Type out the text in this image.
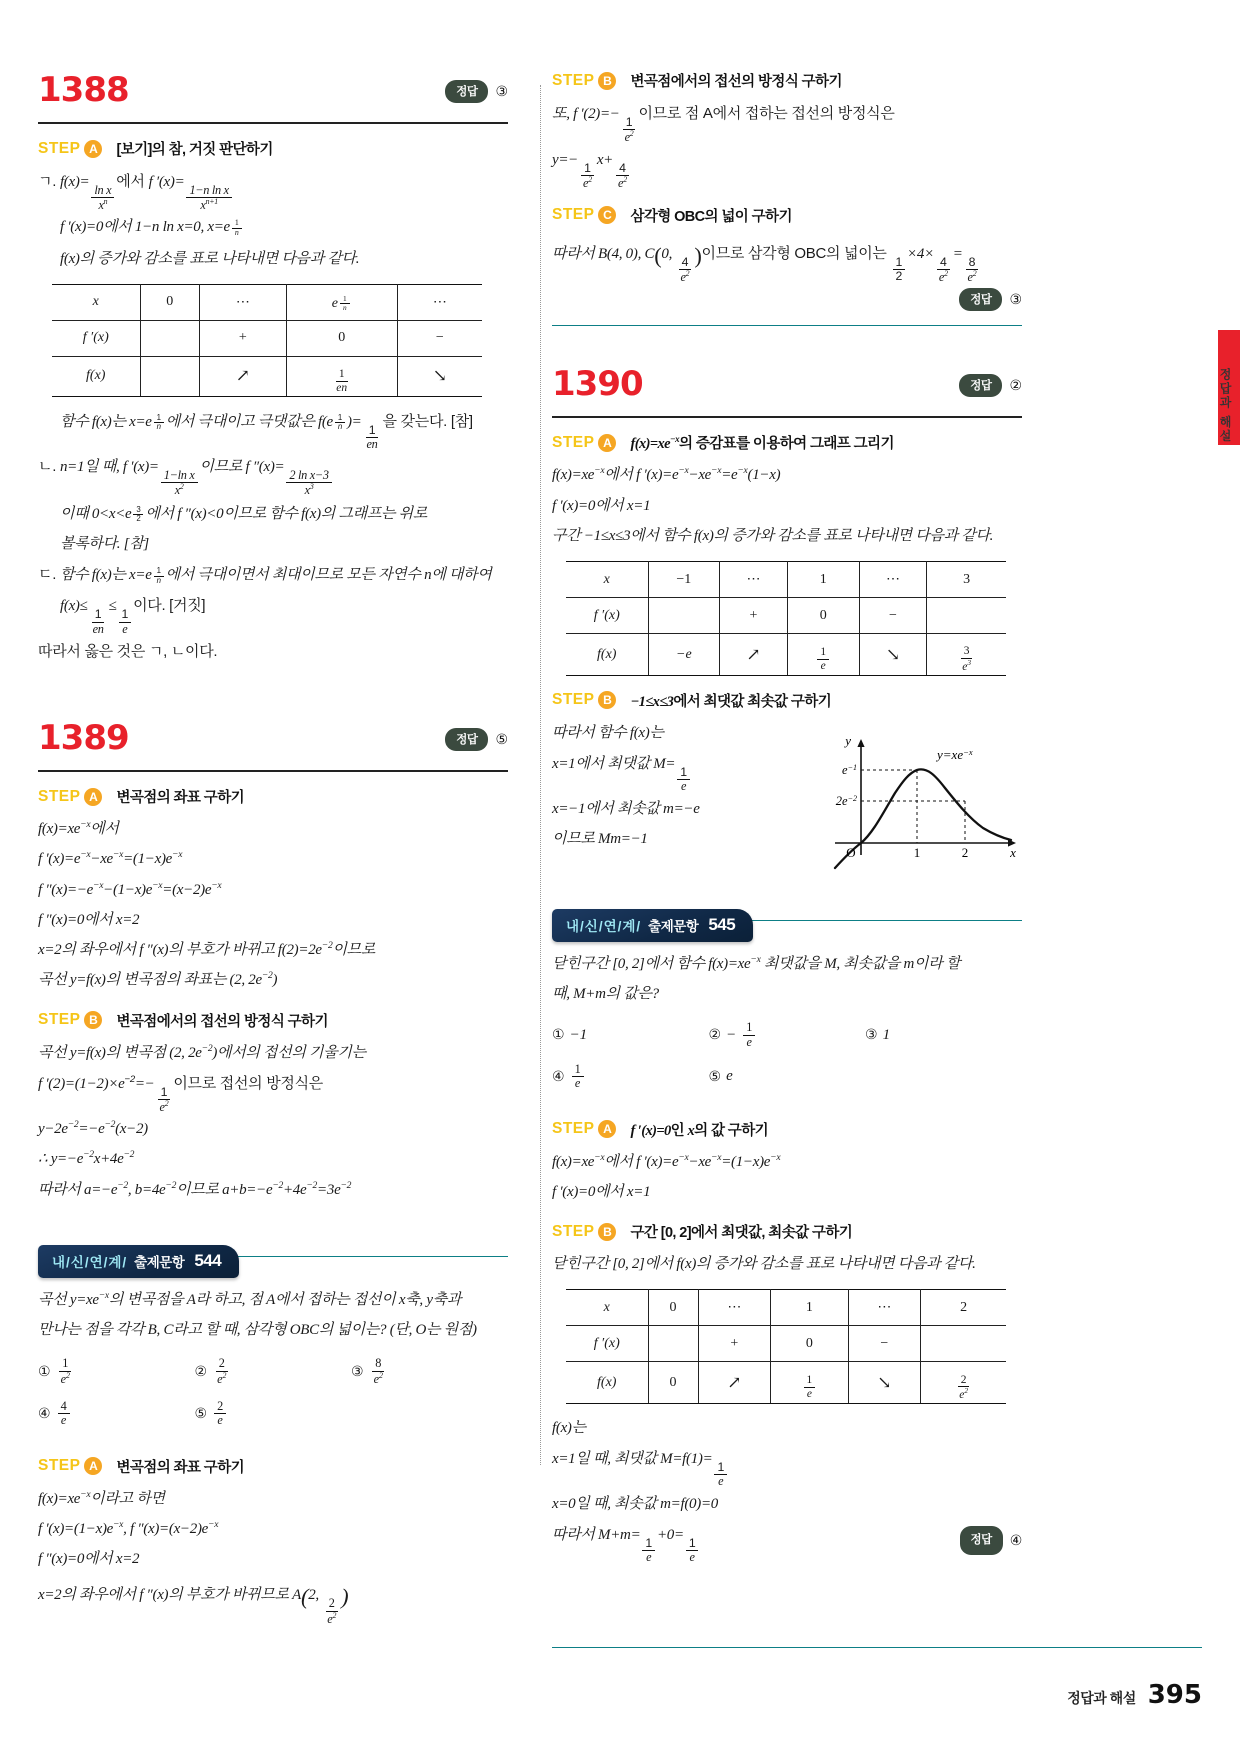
1388	정답	③
STEP A	[보기]의 참, 거짓 판단하기
ㄱ. f(x)=
$\frac{\text{ln x}}{x^n}$
에서 f ′(x)=
$\frac{\text{1−n ln x}}{x^{n+1}}$
f ′(x)=0에서 1−n ln x=0, x=e $^{\frac{1}{n}}$
f(x)의 증가와 감소를 표로 나타내면 다음과 같다.
x	0	⋯	e $^{\frac{1}{n}}$	⋯
f ′(x)		+	0	−
f(x)		↗	$\frac{1}{en}$	↘
함수 f(x)는 x=e $^{\frac{1}{n}}$ 에서 극대이고 극댓값은 f(e $^{\frac{1}{n}}$ )=
$\frac{1}{en}$
을 갖는다. [참]
ㄴ. n=1일 때, f ′(x)=
$\frac{\text{1−ln x}}{x^2}$
이므로 f ″(x)=
$\frac{\text{2 ln x−3}}{x^3}$
이때 0<x<e $^{\frac{3}{2}}$ 에서 f ″(x)<0이므로 함수 f(x)의 그래프는 위로
볼록하다. [참]
ㄷ. 함수 f(x)는 x=e $^{\frac{1}{n}}$ 에서 극대이면서 최대이므로 모든 자연수 n에 대하여
f(x)≤
$\frac{1}{en}$
≤
$\frac{1}{e}$
이다. [거짓]
따라서 옳은 것은 ㄱ, ㄴ이다.
1389	정답	⑤
STEP A	변곡점의 좌표 구하기
$f(x)=xe^{-x}$에서
f $'(x)=e^{-x}-xe^{-x}=(1-x)e^{-x}$
f $''(x)=-e^{-x}-(1-x)e^{-x}=(x-2)e^{-x}$
f ″(x)=0에서 x=2
x=2의 좌우에서 f ″(x)의 부호가 바뀌고 $f(2)=2e^{-2}$이므로
곡선 y=f(x)의 변곡점의 좌표는 (2, $2e^{-2}$)
STEP B	변곡점에서의 접선의 방정식 구하기
곡선 y=f(x)의 변곡점 (2, $2e^{-2}$)에서의 접선의 기울기는
f $'(2)=(1-2)\times e^{-2}=-$
$\frac{1}{e^2}$
이므로 접선의 방정식은
$y-2e^{-2}=-e^{-2}(x-2)$
∴ $y=-e^{-2}x+4e^{-2}$
따라서 $a=-e^{-2}$, $b=4e^{-2}$이므로 $a+b=-e^{-2}+4e^{-2}=3e^{-2}$
내/신/연/계/ 출제문항 544
곡선 $y=xe^{-x}$의 변곡점을 A라 하고, 점 A에서 접하는 접선이 x축, y축과
만나는 점을 각각 B, C라고 할 때, 삼각형 OBC의 넓이는? (단, O는 원점)
① $\frac{1}{e^2}$	② $\frac{2}{e^2}$	③ $\frac{8}{e^2}$
④ $\frac{4}{e}$	⑤ $\frac{2}{e}$
STEP A	변곡점의 좌표 구하기
$f(x)=xe^{-x}$이라고 하면
f $'(x)=(1-x)e^{-x}$, f $''(x)=(x-2)e^{-x}$
f ″(x)=0에서 x=2
x=2의 좌우에서 f ″(x)의 부호가 바뀌므로 A(2,
$\frac{2}{e^2}$
)
STEP B	변곡점에서의 접선의 방정식 구하기
또, f ′(2)=−
$\frac{1}{e^2}$
이므로 점 A에서 접하는 접선의 방정식은
y=−
$\frac{1}{e^2}$
x+
$\frac{4}{e^2}$
STEP C	삼각형 OBC의 넓이 구하기
따라서 B(4, 0), C(0,
$\frac{4}{e^2}$
)이므로 삼각형 OBC의 넓이는
$\frac{1}{2}$
×4×
$\frac{4}{e^2}$
=
$\frac{8}{e^2}$
정답	③
1390	정답	②
STEP A	$f(x)=xe^{-x}$의 증감표를 이용하여 그래프 그리기
$f(x)=xe^{-x}$에서 f $'(x)=e^{-x}-xe^{-x}=e^{-x}(1-x)$
f ′(x)=0에서 x=1
구간 −1≤x≤3에서 함수 f(x)의 증가와 감소를 표로 나타내면 다음과 같다.
x	−1	⋯	1	⋯	3
f ′(x)		+	0	−	
f(x)	−e	↗	$\frac{1}{e}$	↘	$\frac{3}{e^3}$
STEP B	−1≤x≤3에서 최댓값 최솟값 구하기
따라서 함수 f(x)는
x=1에서 최댓값 M=
$\frac{1}{e}$
x=−1에서 최솟값 m=−e
이므로 Mm=−1
y
$e^{-1}$
$2e^{-2}$
O	1	2	x
$y=xe^{-x}$
내/신/연/계/ 출제문항 545
닫힌구간 [0, 2]에서 함수 $f(x)=xe^{-x}$ 최댓값을 M, 최솟값을 m이라 할
때, M+m의 값은?
① −1	② − $\frac{1}{e}$	③ 1
④ $\frac{1}{e}$	⑤ e
STEP A	f ′(x)=0인 x의 값 구하기
$f(x)=xe^{-x}$에서 f $'(x)=e^{-x}-xe^{-x}=(1-x)e^{-x}$
f ′(x)=0에서 x=1
STEP B	구간 [0, 2]에서 최댓값, 최솟값 구하기
닫힌구간 [0, 2]에서 f(x)의 증가와 감소를 표로 나타내면 다음과 같다.
x	0	⋯	1	⋯	2
f ′(x)		+	0	−	
f(x)	0	↗	$\frac{1}{e}$	↘	$\frac{2}{e^2}$
f(x)는
x=1일 때, 최댓값 M=f(1)=
$\frac{1}{e}$
x=0일 때, 최솟값 m=f(0)=0
따라서 M+m=
$\frac{1}{e}$
+0=
$\frac{1}{e}$	정답	④
정답과 해설
정답과 해설 395
